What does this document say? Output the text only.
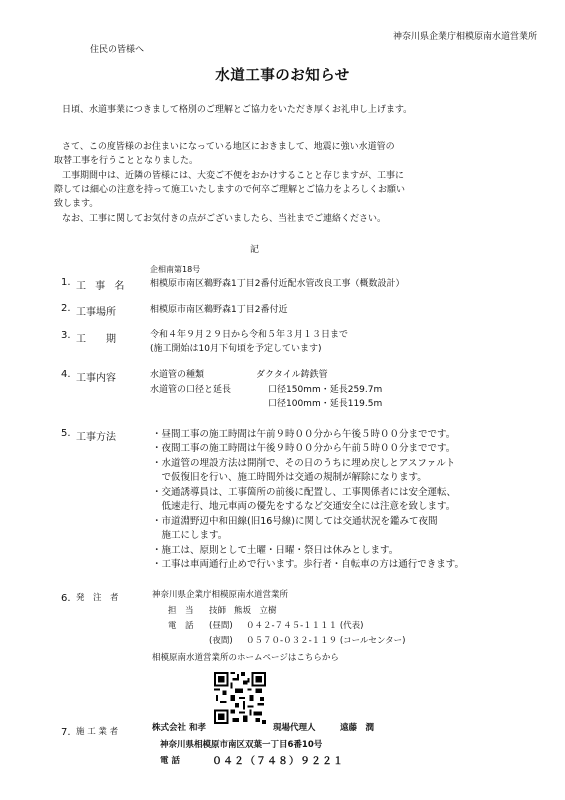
神奈川県企業庁相模原南水道営業所
住民の皆様へ
水道工事のお知らせ
日頃、水道事業につきまして格別のご理解とご協力をいただき厚くお礼申し上げます。
さて、この度皆様のお住まいになっている地区におきまして、地震に強い水道管の
取替工事を行うこととなりました。
工事期間中は、近隣の皆様には、大変ご不便をおかけすることと存じますが、工事に
際しては細心の注意を持って施工いたしますので何卒ご理解とご協力をよろしくお願い
致します。
なお、工事に関してお気付きの点がございましたら、当社までご連絡ください。
記
企相南第18号
1. 工 事 名	相模原市南区鵜野森1丁目2番付近配水管改良工事（概数設計）
2. 工事場所	相模原市南区鵜野森1丁目2番付近
3. 工　　期	令和４年９月２９日から令和５年３月１３日まで
(施工開始は10月下旬頃を予定しています)
4. 工事内容	水道管の種類	ダクタイル鋳鉄管
水道管の口径と延長	口径150mm・延長259.7m
口径100mm・延長119.5m
5. 工事方法	・昼間工事の施工時間は午前９時００分から午後５時００分までです。
・夜間工事の施工時間は午後９時００分から午前５時００分までです。
・水道管の埋設方法は開削で、その日のうちに埋め戻しとアスファルト
　で仮復旧を行い、施工時間外は交通の規制が解除になります。
・交通誘導員は、工事箇所の前後に配置し、工事関係者には安全運転、
　低速走行、地元車両の優先をするなど交通安全には注意を致します。
・市道淵野辺中和田線(旧16号線)に関しては交通状況を鑑みて夜間
　施工にします。
・施工は、原則として土曜・日曜・祭日は休みとします。
・工事は車両通行止めで行います。歩行者・自転車の方は通行できます。
6. 発　注　者	神奈川県企業庁相模原南水道営業所
担　当 技師 熊坂　立樹
電　話 (昼間) ０４２-７４５-１１１１ (代表)
(夜間) ０５７０-０３２-１１９ (コールセンター)
相模原南水道営業所のホームページはこちらから
7. 施 工 業 者	株式会社 和孝	現場代理人	遠藤　潤
神奈川県相模原市南区双葉一丁目6番10号
電 話	０４２（７４８）９２２１
